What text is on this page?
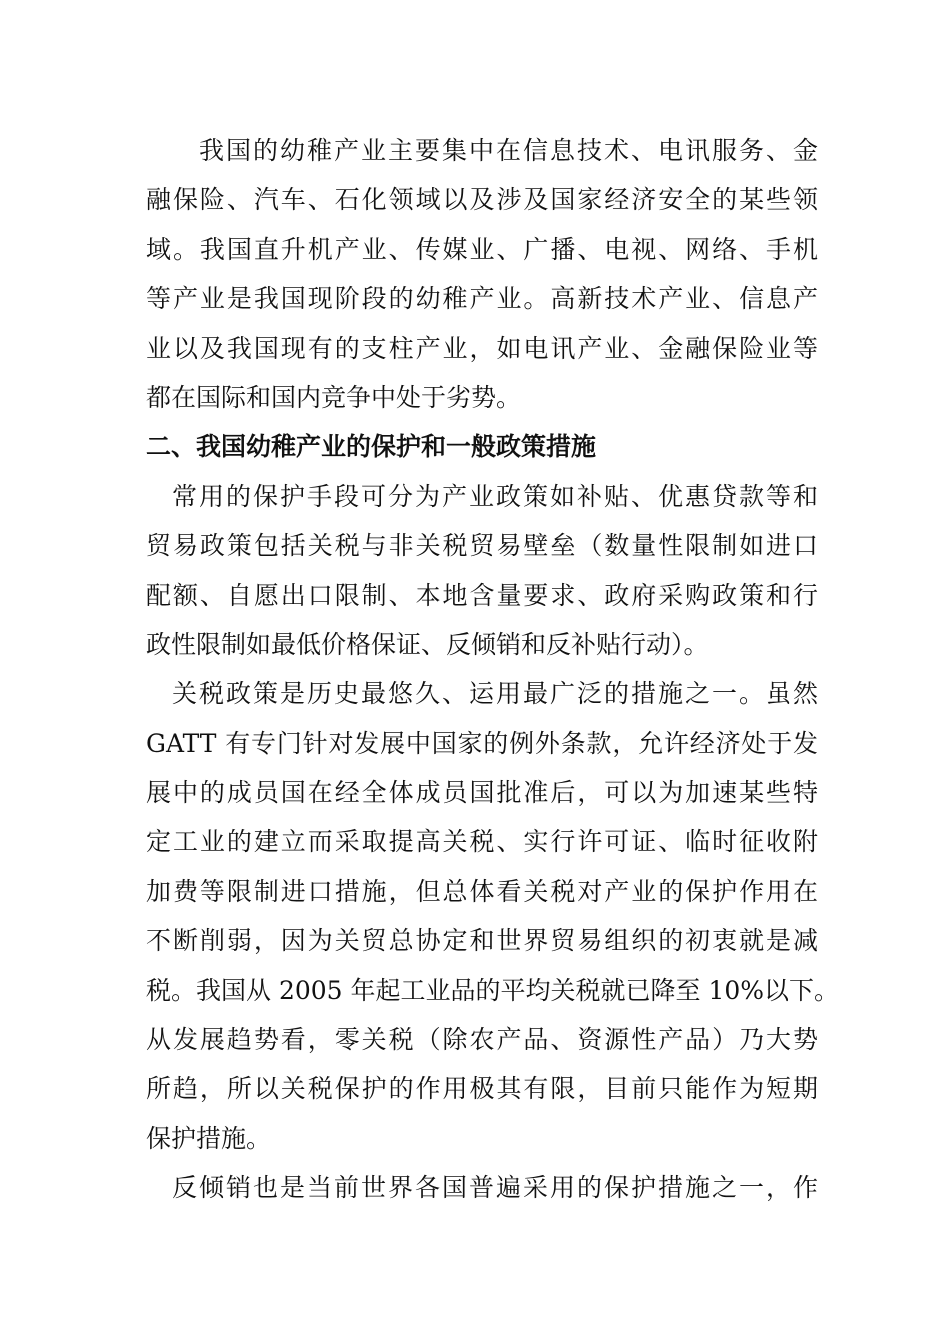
　我国的幼稚产业主要集中在信息技术、电讯服务、金
融保险、汽车、石化领域以及涉及国家经济安全的某些领
域。我国直升机产业、传媒业、广播、电视、网络、手机
等产业是我国现阶段的幼稚产业。高新技术产业、信息产
业以及我国现有的支柱产业，如电讯产业、金融保险业等
都在国际和国内竞争中处于劣势。
二、我国幼稚产业的保护和一般政策措施
常用的保护手段可分为产业政策如补贴、优惠贷款等和
贸易政策包括关税与非关税贸易壁垒（数量性限制如进口
配额、自愿出口限制、本地含量要求、政府采购政策和行
政性限制如最低价格保证、反倾销和反补贴行动）。
关税政策是历史最悠久、运用最广泛的措施之一。虽然
GATT 有专门针对发展中国家的例外条款，允许经济处于发
展中的成员国在经全体成员国批准后，可以为加速某些特
定工业的建立而采取提高关税、实行许可证、临时征收附
加费等限制进口措施，但总体看关税对产业的保护作用在
不断削弱，因为关贸总协定和世界贸易组织的初衷就是减
税。我国从 2005 年起工业品的平均关税就已降至 10%以下。
从发展趋势看，零关税（除农产品、资源性产品）乃大势
所趋，所以关税保护的作用极其有限，目前只能作为短期
保护措施。
反倾销也是当前世界各国普遍采用的保护措施之一，作
